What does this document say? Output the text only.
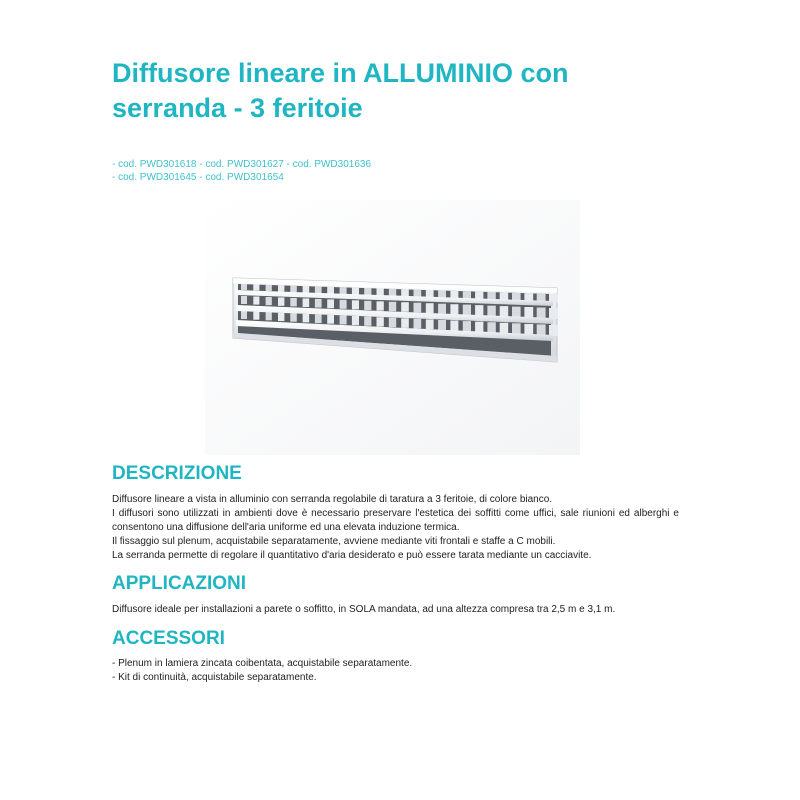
Diffusore lineare in ALLUMINIO con serranda - 3 feritoie
- cod. PWD301618 - cod. PWD301627 - cod. PWD301636
- cod. PWD301645 - cod. PWD301654
DESCRIZIONE

Diffusore lineare a vista in alluminio con serranda regolabile di taratura a 3 feritoie, di colore bianco.

I diffusori sono utilizzati in ambienti dove è necessario preservare l'estetica dei soffitti come uffici, sale riunioni ed alberghi e consentono una diffusione dell'aria uniforme ed una elevata induzione termica.

Il fissaggio sul plenum, acquistabile separatamente, avviene mediante viti frontali e staffe a C mobili.

La serranda permette di regolare il quantitativo d'aria desiderato e può essere tarata mediante un cacciavite.

APPLICAZIONI

Diffusore ideale per installazioni a parete o soffitto, in SOLA mandata, ad una altezza compresa tra 2,5 m e 3,1 m.

ACCESSORI

- Plenum in lamiera zincata coibentata, acquistabile separatamente.

- Kit di continuità, acquistabile separatamente.
